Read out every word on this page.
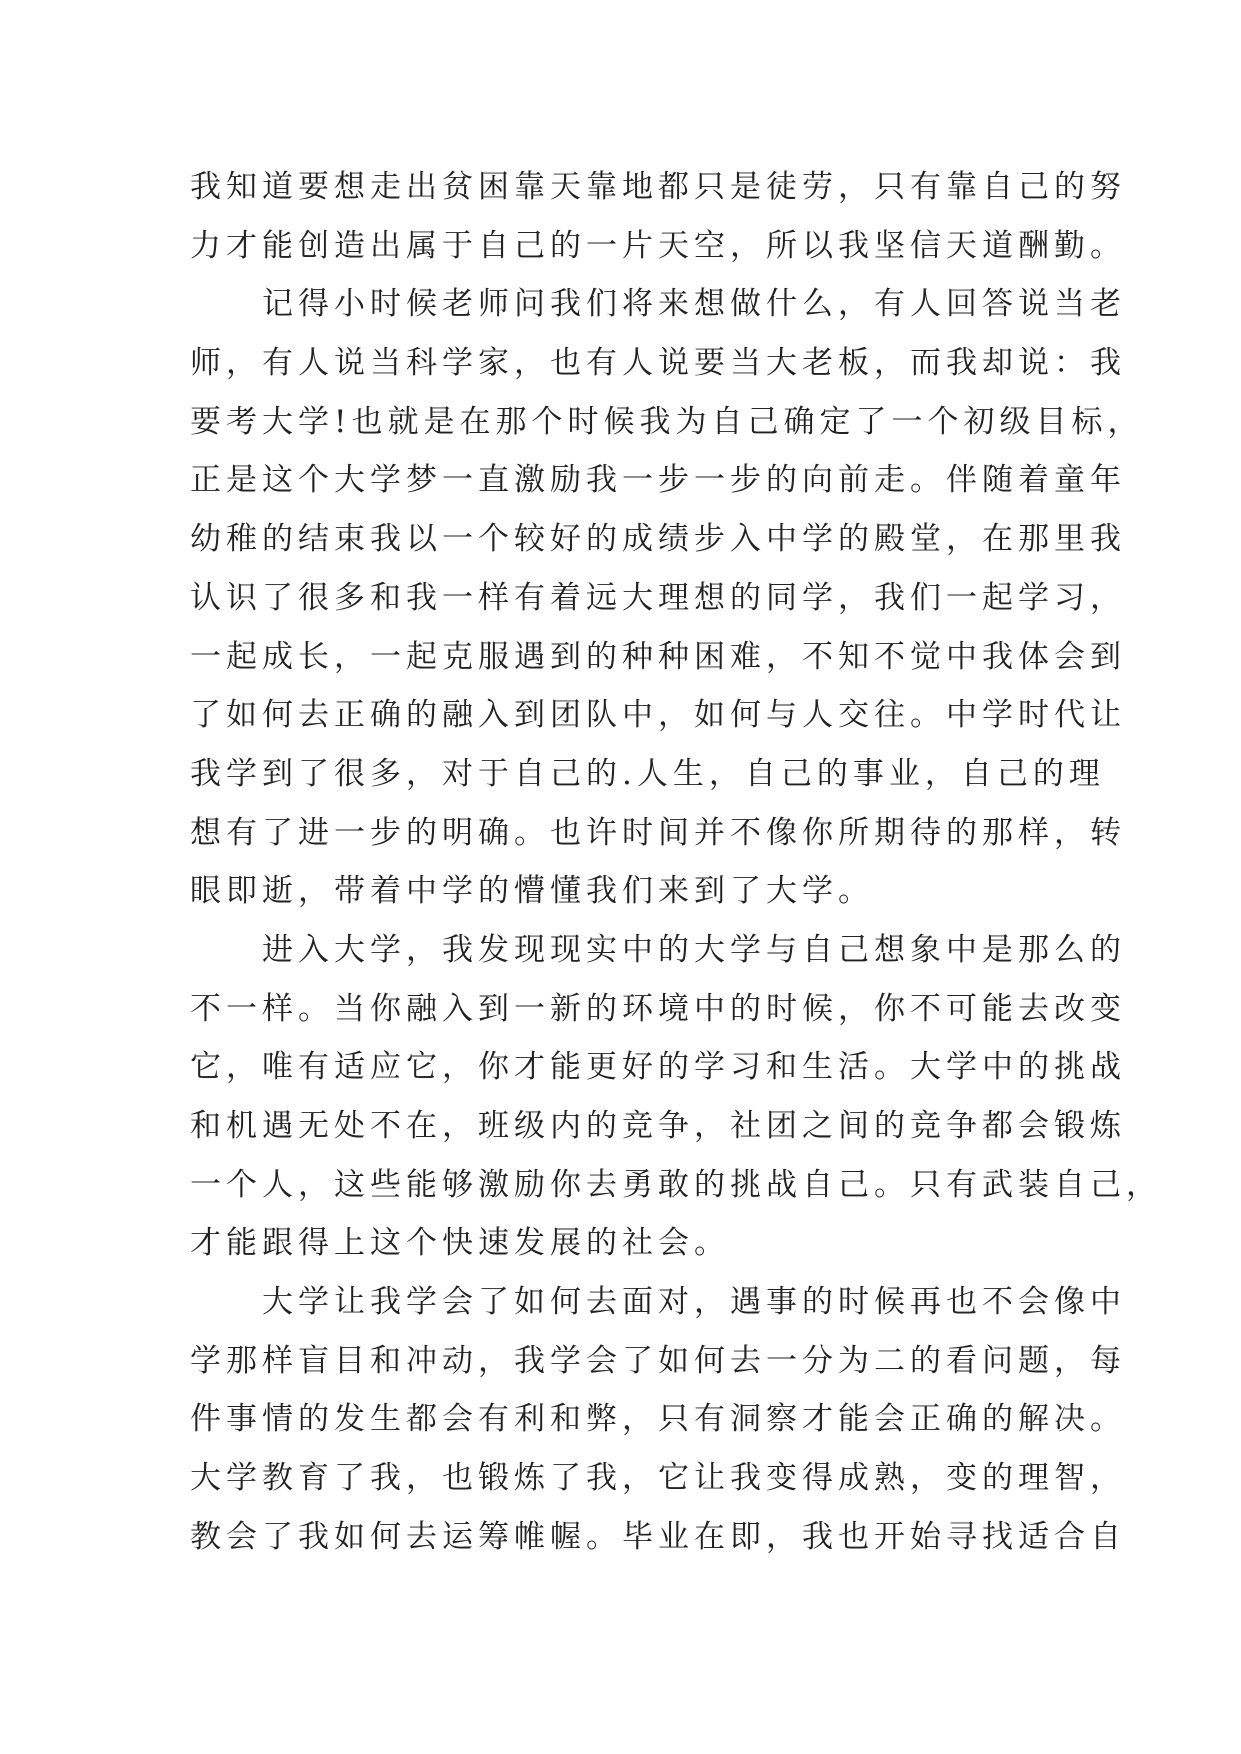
我知道要想走出贫困靠天靠地都只是徒劳，只有靠自己的努
力才能创造出属于自己的一片天空，所以我坚信天道酬勤。
记得小时候老师问我们将来想做什么，有人回答说当老
师，有人说当科学家，也有人说要当大老板，而我却说：我
要考大学!也就是在那个时候我为自己确定了一个初级目标，
正是这个大学梦一直激励我一步一步的向前走。伴随着童年
幼稚的结束我以一个较好的成绩步入中学的殿堂，在那里我
认识了很多和我一样有着远大理想的同学，我们一起学习，
一起成长，一起克服遇到的种种困难，不知不觉中我体会到
了如何去正确的融入到团队中，如何与人交往。中学时代让
我学到了很多，对于自己的.人生，自己的事业，自己的理
想有了进一步的明确。也许时间并不像你所期待的那样，转
眼即逝，带着中学的懵懂我们来到了大学。
进入大学，我发现现实中的大学与自己想象中是那么的
不一样。当你融入到一新的环境中的时候，你不可能去改变
它，唯有适应它，你才能更好的学习和生活。大学中的挑战
和机遇无处不在，班级内的竞争，社团之间的竞争都会锻炼
一个人，这些能够激励你去勇敢的挑战自己。只有武装自己，
才能跟得上这个快速发展的社会。
大学让我学会了如何去面对，遇事的时候再也不会像中
学那样盲目和冲动，我学会了如何去一分为二的看问题，每
件事情的发生都会有利和弊，只有洞察才能会正确的解决。
大学教育了我，也锻炼了我，它让我变得成熟，变的理智，
教会了我如何去运筹帷幄。毕业在即，我也开始寻找适合自
